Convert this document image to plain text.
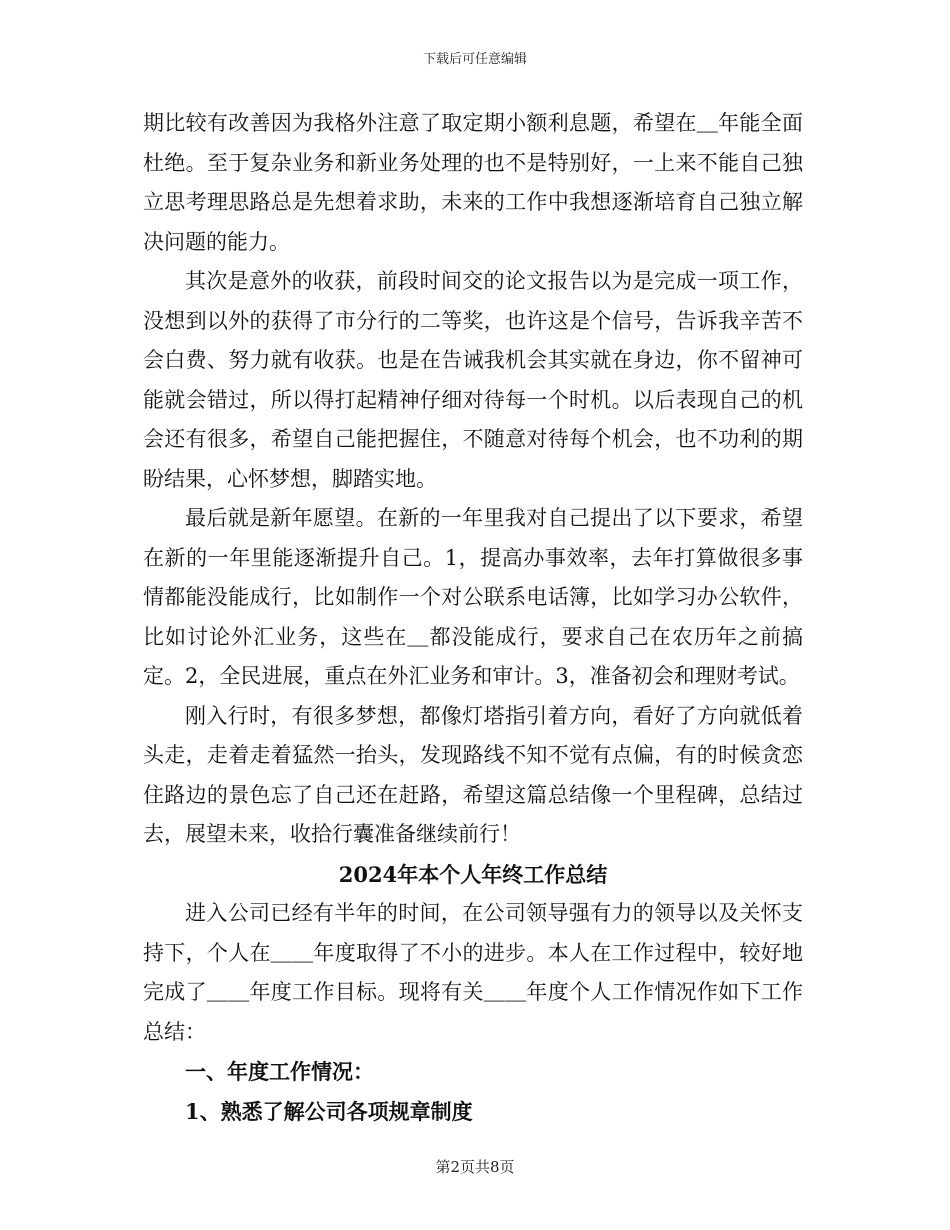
下载后可任意编辑

期比较有改善因为我格外注意了取定期小额利息题，希望在＿年能全面杜绝。至于复杂业务和新业务处理的也不是特别好，一上来不能自己独立思考理思路总是先想着求助，未来的工作中我想逐渐培育自己独立解决问题的能力。

其次是意外的收获，前段时间交的论文报告以为是完成一项工作，没想到以外的获得了市分行的二等奖，也许这是个信号，告诉我辛苦不会白费、努力就有收获。也是在告诫我机会其实就在身边，你不留神可能就会错过，所以得打起精神仔细对待每一个时机。以后表现自己的机会还有很多，希望自己能把握住，不随意对待每个机会，也不功利的期盼结果，心怀梦想，脚踏实地。

最后就是新年愿望。在新的一年里我对自己提出了以下要求，希望在新的一年里能逐渐提升自己。1，提高办事效率，去年打算做很多事情都能没能成行，比如制作一个对公联系电话簿，比如学习办公软件，比如讨论外汇业务，这些在＿都没能成行，要求自己在农历年之前搞定。2，全民进展，重点在外汇业务和审计。3，准备初会和理财考试。

刚入行时，有很多梦想，都像灯塔指引着方向，看好了方向就低着头走，走着走着猛然一抬头，发现路线不知不觉有点偏，有的时候贪恋住路边的景色忘了自己还在赶路，希望这篇总结像一个里程碑，总结过去，展望未来，收拾行囊准备继续前行！

2024年本个人年终工作总结

进入公司已经有半年的时间，在公司领导强有力的领导以及关怀支持下，个人在＿＿年度取得了不小的进步。本人在工作过程中，较好地完成了＿＿年度工作目标。现将有关＿＿年度个人工作情况作如下工作总结：

一、年度工作情况：

1、熟悉了解公司各项规章制度

第2页共8页
